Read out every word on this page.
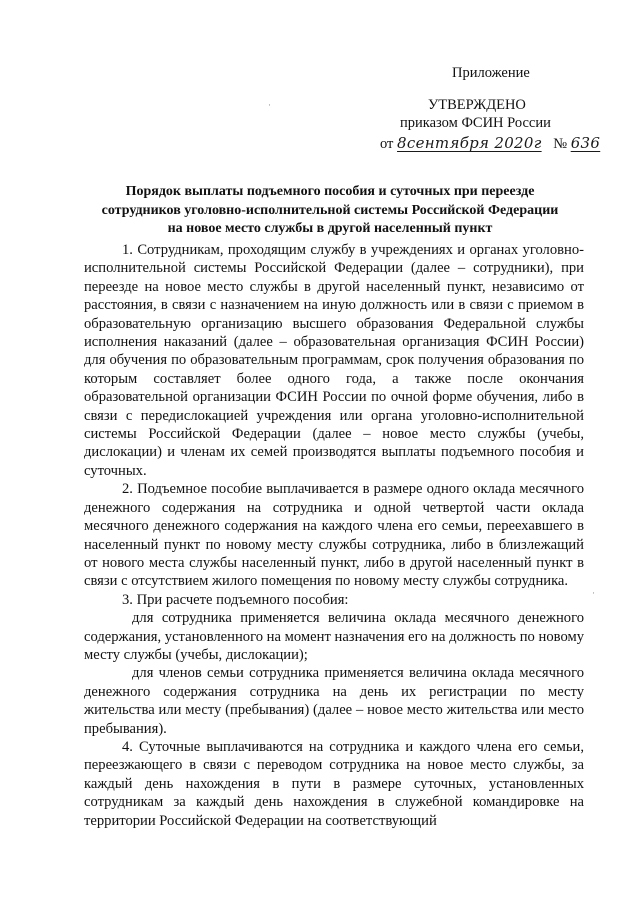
Приложение
УТВЕРЖДЕНО
приказом ФСИН России
от 8сентября 2020г № 636
Порядок выплаты подъемного пособия и суточных при переезде
сотрудников уголовно-исполнительной системы Российской Федерации
на новое место службы в другой населенный пункт

1. Сотрудникам, проходящим службу в учреждениях и органах уголовно-исполнительной системы Российской Федерации (далее – сотрудники), при переезде на новое место службы в другой населенный пункт, независимо от расстояния, в связи с назначением на иную должность или в связи с приемом в образовательную организацию высшего образования Федеральной службы исполнения наказаний (далее – образовательная организация ФСИН России) для обучения по образовательным программам, срок получения образования по которым составляет более одного года, а также после окончания образовательной организации ФСИН России по очной форме обучения, либо в связи с передислокацией учреждения или органа уголовно-исполнительной системы Российской Федерации (далее – новое место службы (учебы, дислокации) и членам их семей производятся выплаты подъемного пособия и суточных.

2. Подъемное пособие выплачивается в размере одного оклада месячного денежного содержания на сотрудника и одной четвертой части оклада месячного денежного содержания на каждого члена его семьи, переехавшего в населенный пункт по новому месту службы сотрудника, либо в близлежащий от нового места службы населенный пункт, либо в другой населенный пункт в связи с отсутствием жилого помещения по новому месту службы сотрудника.

3. При расчете подъемного пособия:

для сотрудника применяется величина оклада месячного денежного содержания, установленного на момент назначения его на должность по новому месту службы (учебы, дислокации);

для членов семьи сотрудника применяется величина оклада месячного денежного содержания сотрудника на день их регистрации по месту жительства или месту (пребывания) (далее – новое место жительства или место пребывания).

4. Суточные выплачиваются на сотрудника и каждого члена его семьи, переезжающего в связи с переводом сотрудника на новое место службы, за каждый день нахождения в пути в размере суточных, установленных сотрудникам за каждый день нахождения в служебной командировке на территории Российской Федерации на соответствующий

·
·
